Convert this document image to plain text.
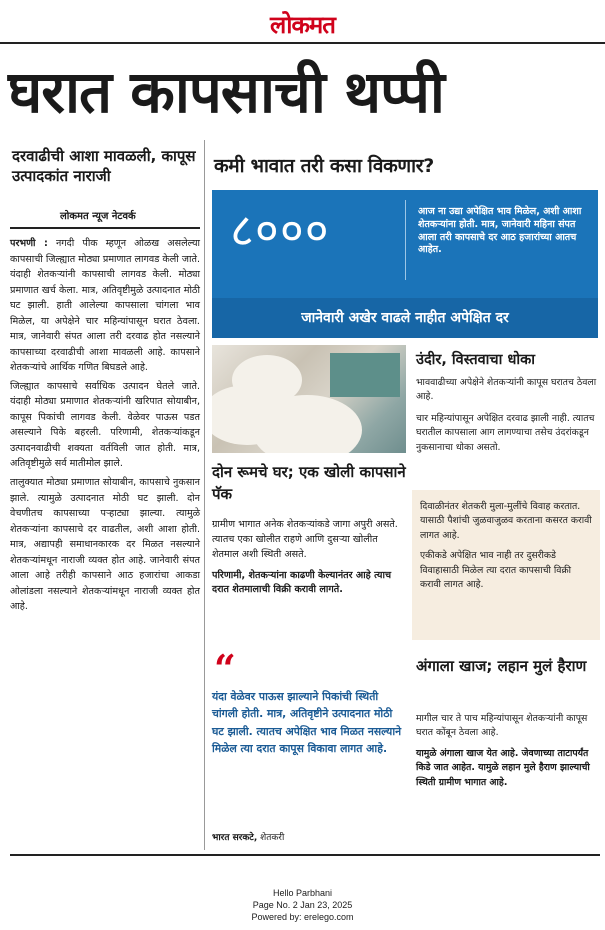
लोकमत
घरात कापसाची थप्पी
दरवाढीची आशा मावळली, कापूस उत्पादकांत नाराजी
लोकमत न्यूज नेटवर्क

परभणी : नगदी पीक म्हणून ओळख असलेल्या कापसाची जिल्ह्यात मोठ्या प्रमाणात लागवड केली जाते. यंदाही शेतकऱ्यांनी कापसाची लागवड केली. मोठ्या प्रमाणात खर्च केला. मात्र, अतिवृष्टीमुळे उत्पादनात मोठी घट झाली. हाती आलेल्या कापसाला चांगला भाव मिळेल, या अपेक्षेने चार महिन्यांपासून घरात ठेवला. मात्र, जानेवारी संपत आला तरी दरवाढ होत नसल्याने कापसाच्या दरवाढीची आशा मावळली आहे. कापसाने शेतकऱ्यांचे आर्थिक गणित बिघडले आहे.

जिल्ह्यात कापसाचे सर्वाधिक उत्पादन घेतले जाते. यंदाही मोठ्या प्रमाणात शेतकऱ्यांनी खरिपात सोयाबीन, कापूस पिकांची लागवड केली. वेळेवर पाऊस पडत असल्याने पिके बहरली. परिणामी, शेतकऱ्यांकडून उत्पादनवाढीची शक्यता वर्तविली जात होती. मात्र, अतिवृष्टीमुळे सर्व मातीमोल झाले.

तालुक्यात मोठ्या प्रमाणात सोयाबीन, कापसाचे नुकसान झाले. त्यामुळे उत्पादनात मोठी घट झाली. दोन वेचणीतच कापसाच्या पऱ्हाट्या झाल्या. त्यामुळे शेतकऱ्यांना कापसाचे दर वाढतील, अशी आशा होती. मात्र, अद्यापही समाधानकारक दर मिळत नसल्याने शेतकऱ्यांमधून नाराजी व्यक्त होत आहे. जानेवारी संपत आला आहे तरीही कापसाने आठ हजारांचा आकडा ओलांडला नसल्याने शेतकऱ्यांमधून नाराजी व्यक्त होत आहे.

कमी भावात तरी कसा विकणार?
८०००	आज ना उद्या अपेक्षित भाव मिळेल, अशी आशा शेतकऱ्यांना होती. मात्र, जानेवारी महिना संपत आला तरी कापसाचे दर आठ हजारांच्या आतच आहेत.
जानेवारी अखेर वाढले नाहीत अपेक्षित दर
दोन रूमचे घर; एक खोली कापसाने पॅक

ग्रामीण भागात अनेक शेतकऱ्यांकडे जागा अपुरी असते. त्यातच एका खोलीत राहणे आणि दुसऱ्या खोलीत शेतमाल अशी स्थिती असते.

परिणामी, शेतकऱ्यांना काढणी केल्यानंतर आहे त्याच दरात शेतमालाची विक्री करावी लागते.

“
यंदा वेळेवर पाऊस झाल्याने पिकांची स्थिती चांगली होती. मात्र, अतिवृष्टीने उत्पादनात मोठी घट झाली. त्यातच अपेक्षित भाव मिळत नसल्याने मिळेल त्या दरात कापूस विकावा लागत आहे.
भारत सरकटे, शेतकरी
उंदीर, विस्तवाचा धोका

भाववाढीच्या अपेक्षेने शेतकऱ्यांनी कापूस घरातच ठेवला आहे.

चार महिन्यांपासून अपेक्षित दरवाढ झाली नाही. त्यातच घरातील कापसाला आग लागण्याचा तसेच उंदरांकडून नुकसानाचा धोका असतो.

दिवाळीनंतर शेतकरी मुला-मुलींचे विवाह करतात. यासाठी पैशांची जुळवाजुळव करताना कसरत करावी लागत आहे.

एकीकडे अपेक्षित भाव नाही तर दुसरीकडे विवाहासाठी मिळेल त्या दरात कापसाची विक्री करावी लागत आहे.

अंगाला खाज; लहान मुलं हैराण

मागील चार ते पाच महिन्यांपासून शेतकऱ्यांनी कापूस घरात कोंबून ठेवला आहे.

यामुळे अंगाला खाज येत आहे. जेवणाच्या ताटापर्यंत किडे जात आहेत. यामुळे लहान मुले हैराण झाल्याची स्थिती ग्रामीण भागात आहे.

Hello Parbhani
Page No. 2 Jan 23, 2025
Powered by: erelego.com
